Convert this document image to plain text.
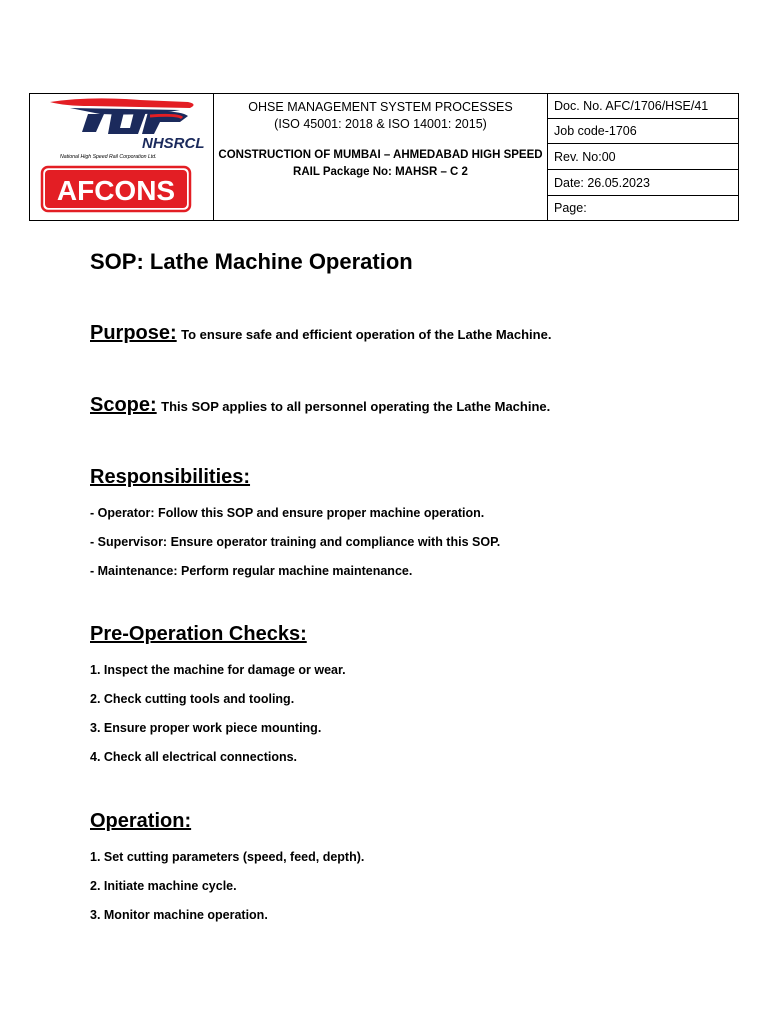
NHSRCL
National High Speed Rail Corporation Ltd.
AFCONS

OHSE MANAGEMENT SYSTEM PROCESSES
(ISO 45001: 2018 & ISO 14001: 2015)
CONSTRUCTION OF MUMBAI – AHMEDABAD HIGH SPEED
RAIL Package No: MAHSR – C 2
	Doc. No. AFC/1706/HSE/41
Job code-1706
Rev. No:00
Date: 26.05.2023
Page:
SOP: Lathe Machine Operation
Purpose: To ensure safe and efficient operation of the Lathe Machine.
Scope: This SOP applies to all personnel operating the Lathe Machine.
Responsibilities:
- Operator: Follow this SOP and ensure proper machine operation.
- Supervisor: Ensure operator training and compliance with this SOP.
- Maintenance: Perform regular machine maintenance.
Pre-Operation Checks:
1. Inspect the machine for damage or wear.
2. Check cutting tools and tooling.
3. Ensure proper work piece mounting.
4. Check all electrical connections.
Operation:
1. Set cutting parameters (speed, feed, depth).
2. Initiate machine cycle.
3. Monitor machine operation.
